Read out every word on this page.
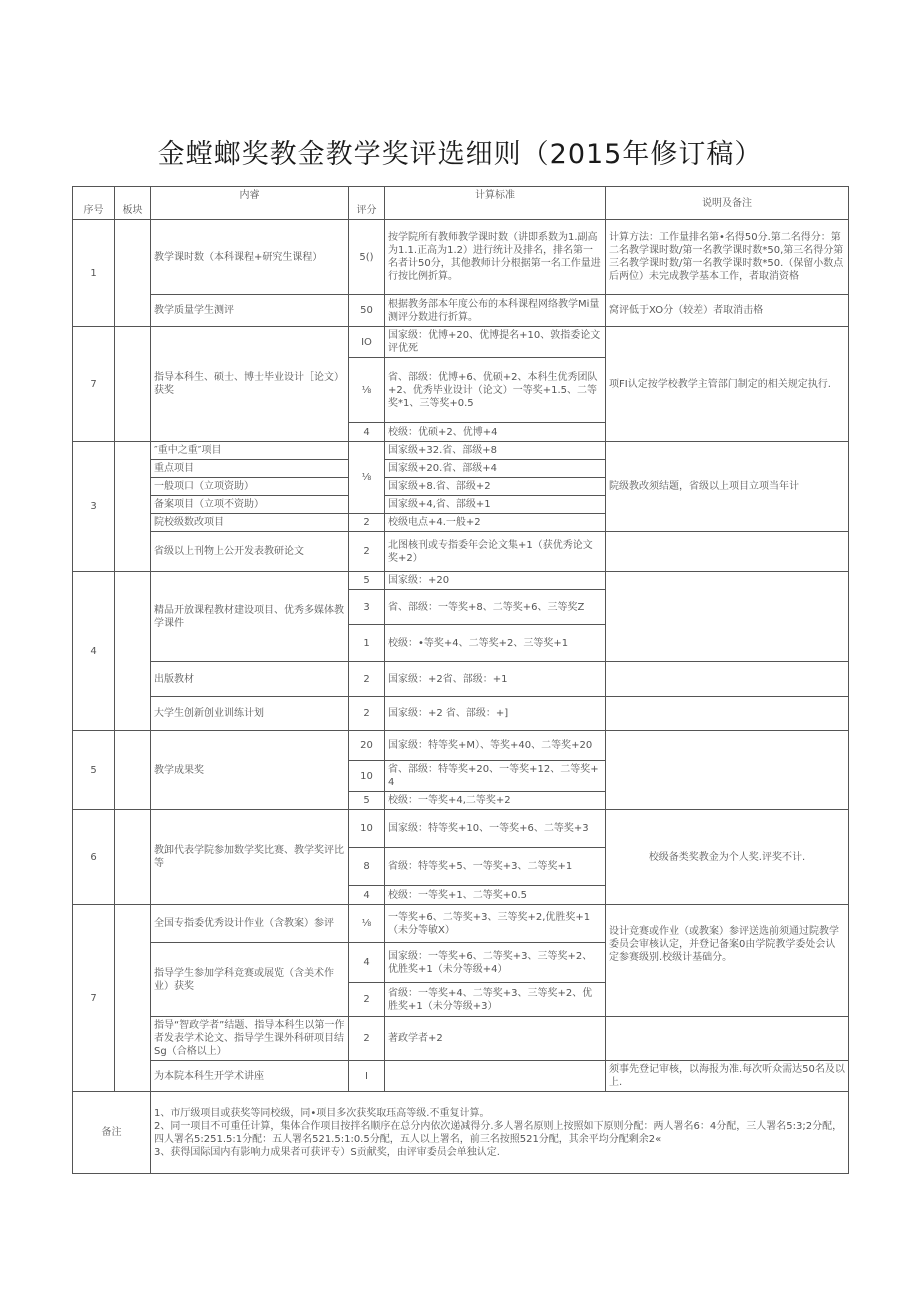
金螳螂奖教金教学奖评选细则（2015年修订稿）
序号	板块	内睿	评分	计算标准	说明及备注
1		教学课时数（本科课程+研究生课程）	5()	按学院所有教师教学课时数（讲即系数为1.副高为1.1.正高为1.2）进行统计及排名，排名第一名者计50分，其他教师计分根据第一名工作量进行按比例折算。	计算方法：工作量排名第•名得50分.第二名得分：第二名教学课时数/第一名教学课时数*50,第三名得分第三名教学课时数/第一名教学课时数*50.（保留小数点后两位）未完成教学基本工作，者取消资格
		教学质量学生测评	50	根据教务部本年度公布的本科课程网络教学Mi量测评分数进行折算。	窝评低于XO分（较差）者取消击格
7		指导本科生、硕士、博士毕业设计［论文）获奖	IO	国家级：优博+20、优博提名+10、敦指委论文评优死	项FI认定按学校教学主管部门制定的相关规定执行.
			⅛	省、部级：优博+6、优硕+2、本科生优秀团队+2、优秀毕业设计（论文）一等奖+1.5、二等奖*1、三等奖+0.5	
			4	校级：优硕+2、优博+4	
3		″重中之重″项目	⅛	国家级+32.省、部级+8	院级教改须结题，省级以上项目立项当年计
		重点项目		国家级+20.省、部级+4	
		一般项口（立项资助）		国家级+8.省、部级+2	
		备案项目（立项不资助）		国家级+4,省、部级+1	
		院校级数改项目	2	校级电点+4.一般+2	
		省级以上刊物上公开发表教研论文	2	北图核刊或专指委年会论文集+1（获优秀论文奖+2）	
4		精品开放课程教材建设项目、优秀多媒体教学课件	5	国家级：+20	
			3	省、部级：一等奖+8、二等奖+6、三等奖Z	
			1	校级：•等奖+4、二等奖+2、三等奖+1	
		出版教材	2	国家级：+2省、部级：+1	
		大学生创新创业训练计划	2	国家级：+2 省、部级：+]	
5		教学成果奖	20	国家级：特等奖+M）、等奖+40、二等奖+20	
			10	省、部级：特等奖+20、一等奖+12、二等奖+4	
			5	校级：一等奖+4,二等奖+2	
6		教卸代表学院参加数学奖比赛、教学奖评比等	10	国家级：特等奖+10、一等奖+6、二等奖+3	校级备类奖教金为个人奖.评奖不计.
			8	省级：特等奖+5、一等奖+3、二等奖+1	
			4	校级：一等奖+1、二等奖+0.5	
7		全国专指委优秀设计作业（含教案）参评	⅛	一等奖+6、二等奖+3、三等奖+2,优胜奖+1（未分等敏X）	设计竞赛或作业（或教案）参评送选前须通过院教学委员会审核认定，并登记备案0由学院教学委处会认定参赛级别.校级计基础分。
		指导学生参加学科竞赛或展览（含美术作业）获奖	4	国家级：一等奖+6、二等奖+3、三等奖+2、优胜奖+1（未分等级+4）	
			2	省级：一等奖+4、二等奖+3、三等奖+2、优胜奖+1（未分等级+3）	
		指导“智政学者”结题、指导本科生以第一作者发表学术论文、指导学生课外科研项目结Sg（合格以上）	2	著政学者+2	
		为本院本科生开学术讲座	I		须事先登记审核，以海报为准.每次听众需达50名及以上.
备注		1、市厅级项目或获奖等同校级，同•项目多次获奖取珏高等级.不重复计算。
2、同一项目不可重任计算，集体合作项目按拌名顺序在总分内依次递减得分.多人署名原则上按照如下原则分配：两人署名6：4分配，三人署名5:3;2分配，四人署名5:251.5:1分配：五人署名521.5:1:0.5分配，五人以上署名，前三名按照521分配，其余平均分配剩余2«
3、获得国际国内有影响力成果者可获评专）S贡献奖，由评审委员会单独认定.			
